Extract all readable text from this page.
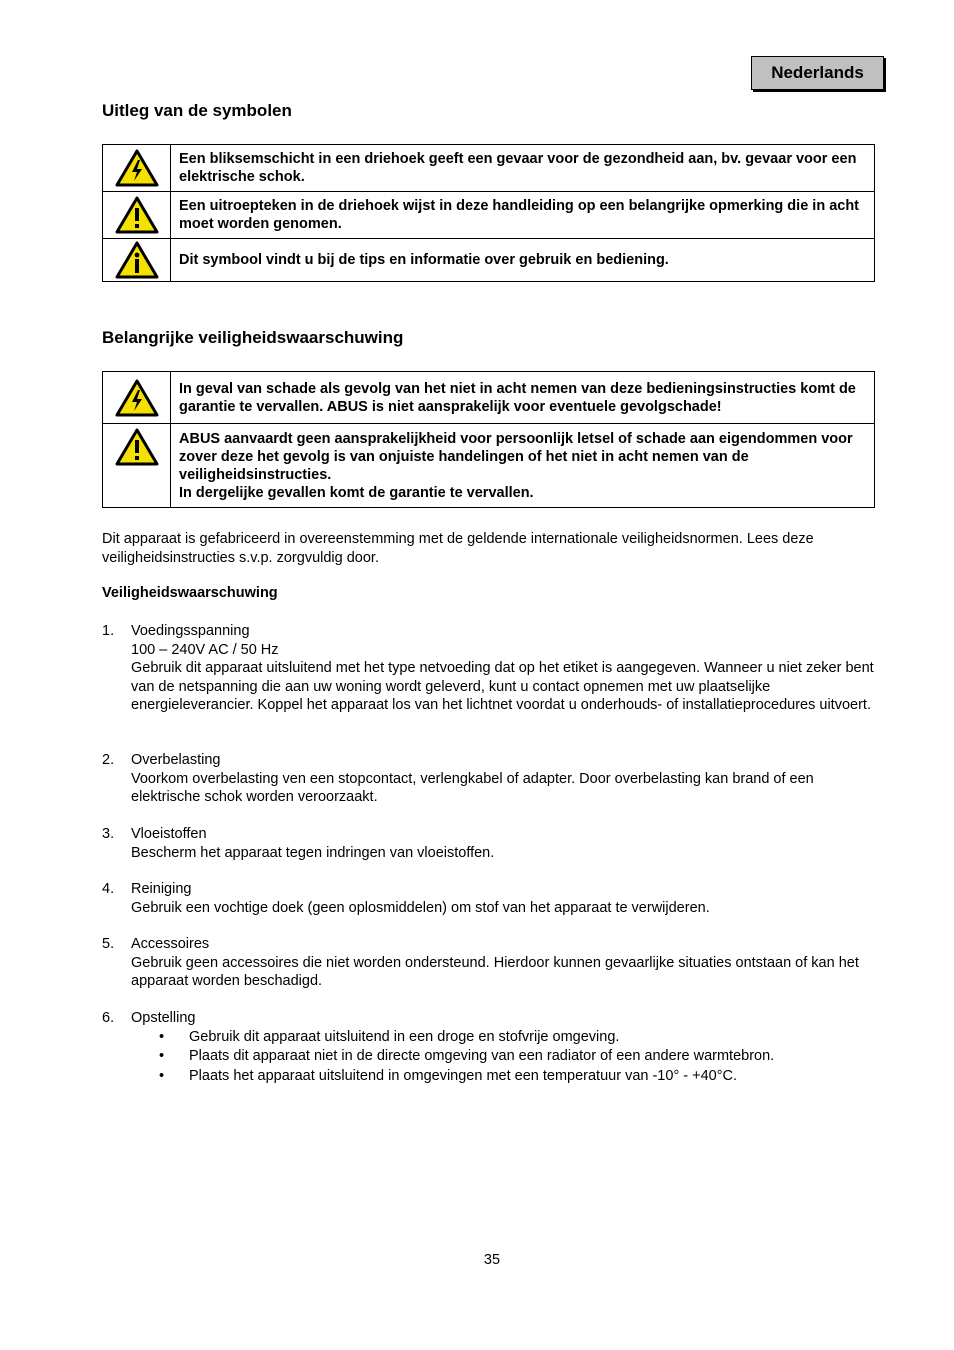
Nederlands
Uitleg van de symbolen
	Een bliksemschicht in een driehoek geeft een gevaar voor de gezondheid aan, bv. gevaar voor een elektrische schok.

	Een uitroepteken in de driehoek wijst in deze handleiding op een belangrijke opmerking die in acht moet worden genomen.

	Dit symbool vindt u bij de tips en informatie over gebruik en bediening.
Belangrijke veiligheidswaarschuwing
	In geval van schade als gevolg van het niet in acht nemen van deze bedieningsinstructies komt de garantie te vervallen. ABUS is niet aansprakelijk voor eventuele gevolgschade!

ABUS aanvaardt geen aansprakelijkheid voor persoonlijk letsel of schade aan eigendommen voor zover deze het gevolg is van onjuiste handelingen of het niet in acht nemen van de veiligheidsinstructies.
In dergelijke gevallen komt de garantie te vervallen.

Dit apparaat is gefabriceerd in overeenstemming met de geldende internationale veiligheidsnormen. Lees deze veiligheidsinstructies s.v.p. zorgvuldig door.

Veiligheidswaarschuwing

1. Voedingsspanning
100 – 240V AC / 50 Hz
Gebruik dit apparaat uitsluitend met het type netvoeding dat op het etiket is aangegeven. Wanneer u niet zeker bent van de netspanning die aan uw woning wordt geleverd, kunt u contact opnemen met uw plaatselijke energieleverancier. Koppel het apparaat los van het lichtnet voordat u onderhouds- of installatieprocedures uitvoert.
2. Overbelasting
Voorkom overbelasting ven een stopcontact, verlengkabel of adapter. Door overbelasting kan brand of een elektrische schok worden veroorzaakt.
3. Vloeistoffen
Bescherm het apparaat tegen indringen van vloeistoffen.
4. Reiniging
Gebruik een vochtige doek (geen oplosmiddelen) om stof van het apparaat te verwijderen.
5. Accessoires
Gebruik geen accessoires die niet worden ondersteund. Hierdoor kunnen gevaarlijke situaties ontstaan of kan het apparaat worden beschadigd.
6. Opstelling
• Gebruik dit apparaat uitsluitend in een droge en stofvrije omgeving.
• Plaats dit apparaat niet in de directe omgeving van een radiator of een andere warmtebron.
• Plaats het apparaat uitsluitend in omgevingen met een temperatuur van -10° - +40°C.
35
